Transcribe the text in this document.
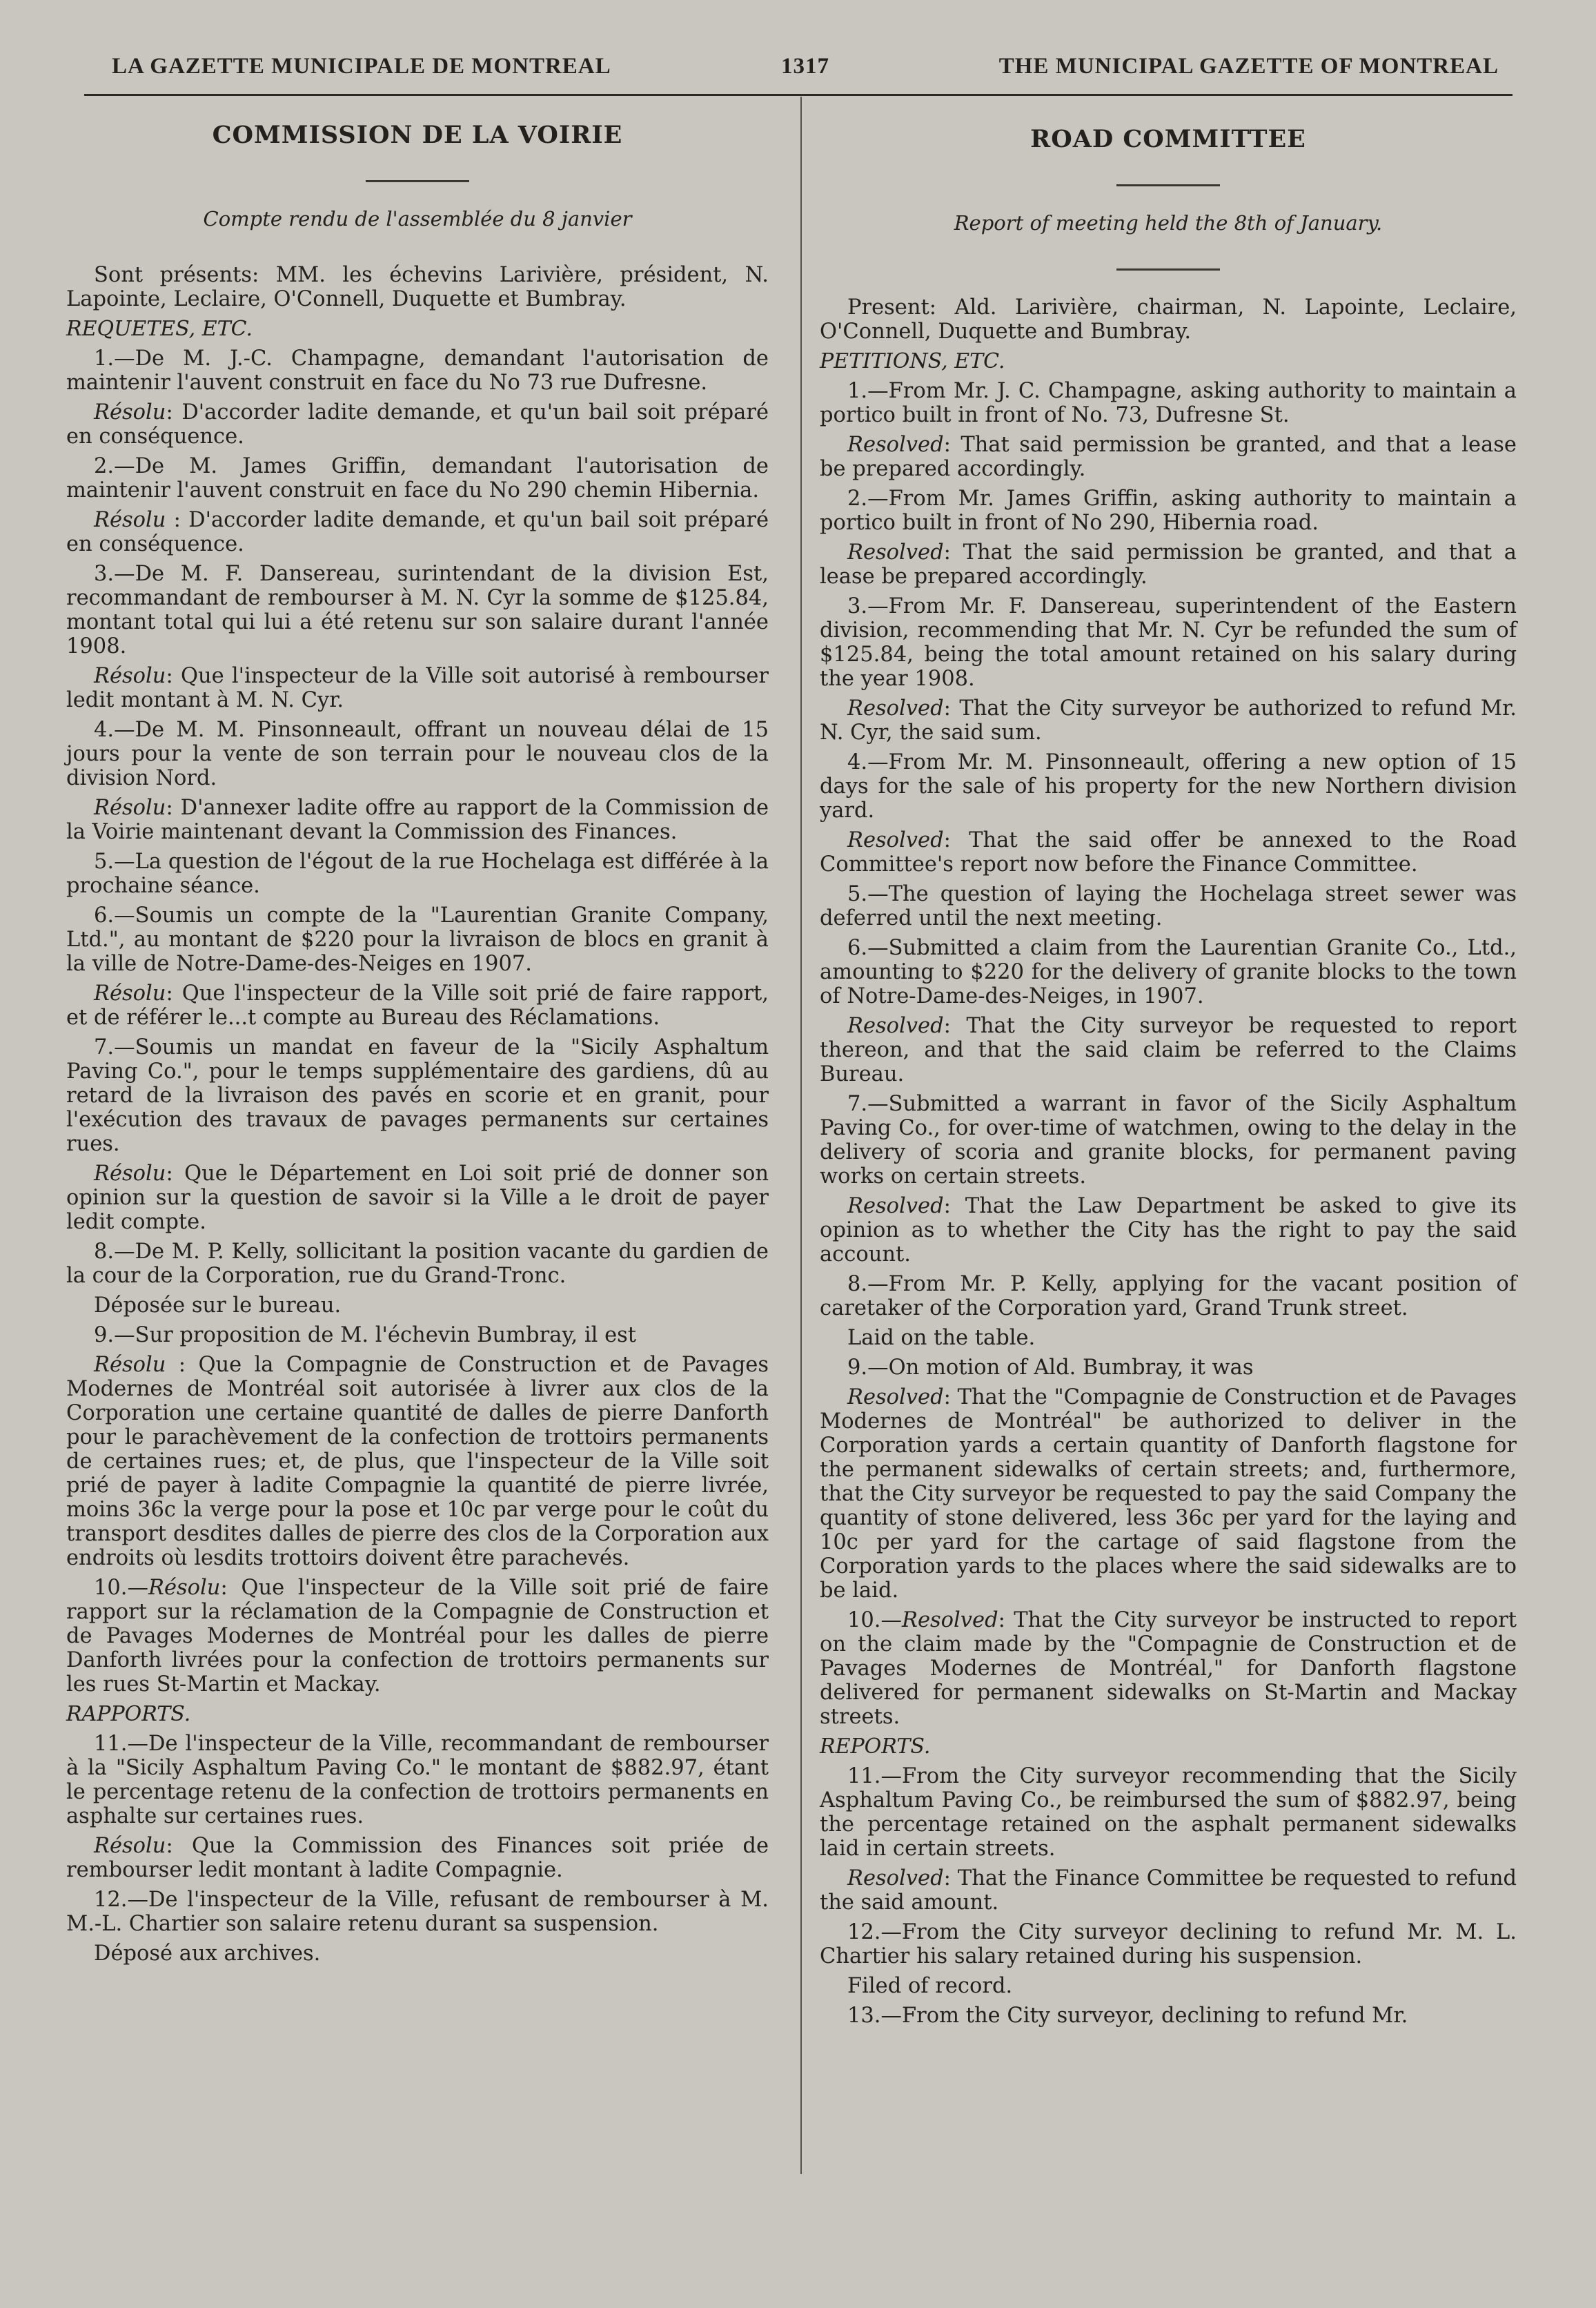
LA GAZETTE MUNICIPALE DE MONTREAL	1317	THE MUNICIPAL GAZETTE OF MONTREAL
COMMISSION DE LA VOIRIE
Compte rendu de l'assemblée du 8 janvier

Sont présents: MM. les échevins Larivière, président, N. Lapointe, Leclaire, O'Connell, Duquette et Bumbray.

REQUETES, ETC.

1.—De M. J.-C. Champagne, demandant l'autorisation de maintenir l'auvent construit en face du No 73 rue Dufresne.

Résolu: D'accorder ladite demande, et qu'un bail soit préparé en conséquence.

2.—De M. James Griffin, demandant l'autorisation de maintenir l'auvent construit en face du No 290 chemin Hibernia.

Résolu : D'accorder ladite demande, et qu'un bail soit préparé en conséquence.

3.—De M. F. Dansereau, surintendant de la division Est, recommandant de rembourser à M. N. Cyr la somme de $125.84, montant total qui lui a été retenu sur son salaire durant l'année 1908.

Résolu: Que l'inspecteur de la Ville soit autorisé à rembourser ledit montant à M. N. Cyr.

4.—De M. M. Pinsonneault, offrant un nouveau délai de 15 jours pour la vente de son terrain pour le nouveau clos de la division Nord.

Résolu: D'annexer ladite offre au rapport de la Commission de la Voirie maintenant devant la Commission des Finances.

5.—La question de l'égout de la rue Hochelaga est différée à la prochaine séance.

6.—Soumis un compte de la "Laurentian Granite Company, Ltd.", au montant de $220 pour la livraison de blocs en granit à la ville de Notre-Dame-des-Neiges en 1907.

Résolu: Que l'inspecteur de la Ville soit prié de faire rapport, et de référer le...t compte au Bureau des Réclamations.

7.—Soumis un mandat en faveur de la "Sicily Asphaltum Paving Co.", pour le temps supplémentaire des gardiens, dû au retard de la livraison des pavés en scorie et en granit, pour l'exécution des travaux de pavages permanents sur certaines rues.

Résolu: Que le Département en Loi soit prié de donner son opinion sur la question de savoir si la Ville a le droit de payer ledit compte.

8.—De M. P. Kelly, sollicitant la position vacante du gardien de la cour de la Corporation, rue du Grand-Tronc.

Déposée sur le bureau.

9.—Sur proposition de M. l'échevin Bumbray, il est

Résolu : Que la Compagnie de Construction et de Pavages Modernes de Montréal soit autorisée à livrer aux clos de la Corporation une certaine quantité de dalles de pierre Danforth pour le parachèvement de la confection de trottoirs permanents de certaines rues; et, de plus, que l'inspecteur de la Ville soit prié de payer à ladite Compagnie la quantité de pierre livrée, moins 36c la verge pour la pose et 10c par verge pour le coût du transport desdites dalles de pierre des clos de la Corporation aux endroits où lesdits trottoirs doivent être parachevés.

10.—Résolu: Que l'inspecteur de la Ville soit prié de faire rapport sur la réclamation de la Compagnie de Construction et de Pavages Modernes de Montréal pour les dalles de pierre Danforth livrées pour la confection de trottoirs permanents sur les rues St-Martin et Mackay.

RAPPORTS.

11.—De l'inspecteur de la Ville, recommandant de rembourser à la "Sicily Asphaltum Paving Co." le montant de $882.97, étant le percentage retenu de la confection de trottoirs permanents en asphalte sur certaines rues.

Résolu: Que la Commission des Finances soit priée de rembourser ledit montant à ladite Compagnie.

12.—De l'inspecteur de la Ville, refusant de rembourser à M. M.-L. Chartier son salaire retenu durant sa suspension.

Déposé aux archives.

ROAD COMMITTEE
Report of meeting held the 8th of January.

Present: Ald. Larivière, chairman, N. Lapointe, Leclaire, O'Connell, Duquette and Bumbray.

PETITIONS, ETC.

1.—From Mr. J. C. Champagne, asking authority to maintain a portico built in front of No. 73, Dufresne St.

Resolved: That said permission be granted, and that a lease be prepared accordingly.

2.—From Mr. James Griffin, asking authority to maintain a portico built in front of No 290, Hibernia road.

Resolved: That the said permission be granted, and that a lease be prepared accordingly.

3.—From Mr. F. Dansereau, superintendent of the Eastern division, recommending that Mr. N. Cyr be refunded the sum of $125.84, being the total amount retained on his salary during the year 1908.

Resolved: That the City surveyor be authorized to refund Mr. N. Cyr, the said sum.

4.—From Mr. M. Pinsonneault, offering a new option of 15 days for the sale of his property for the new Northern division yard.

Resolved: That the said offer be annexed to the Road Committee's report now before the Finance Committee.

5.—The question of laying the Hochelaga street sewer was deferred until the next meeting.

6.—Submitted a claim from the Laurentian Granite Co., Ltd., amounting to $220 for the delivery of granite blocks to the town of Notre-Dame-des-Neiges, in 1907.

Resolved: That the City surveyor be requested to report thereon, and that the said claim be referred to the Claims Bureau.

7.—Submitted a warrant in favor of the Sicily Asphaltum Paving Co., for over-time of watchmen, owing to the delay in the delivery of scoria and granite blocks, for permanent paving works on certain streets.

Resolved: That the Law Department be asked to give its opinion as to whether the City has the right to pay the said account.

8.—From Mr. P. Kelly, applying for the vacant position of caretaker of the Corporation yard, Grand Trunk street.

Laid on the table.

9.—On motion of Ald. Bumbray, it was

Resolved: That the "Compagnie de Construction et de Pavages Modernes de Montréal" be authorized to deliver in the Corporation yards a certain quantity of Danforth flagstone for the permanent sidewalks of certain streets; and, furthermore, that the City surveyor be requested to pay the said Company the quantity of stone delivered, less 36c per yard for the laying and 10c per yard for the cartage of said flagstone from the Corporation yards to the places where the said sidewalks are to be laid.

10.—Resolved: That the City surveyor be instructed to report on the claim made by the "Compagnie de Construction et de Pavages Modernes de Montréal," for Danforth flagstone delivered for permanent sidewalks on St-Martin and Mackay streets.

REPORTS.

11.—From the City surveyor recommending that the Sicily Asphaltum Paving Co., be reimbursed the sum of $882.97, being the percentage retained on the asphalt permanent sidewalks laid in certain streets.

Resolved: That the Finance Committee be requested to refund the said amount.

12.—From the City surveyor declining to refund Mr. M. L. Chartier his salary retained during his suspension.

Filed of record.

13.—From the City surveyor, declining to refund Mr.
